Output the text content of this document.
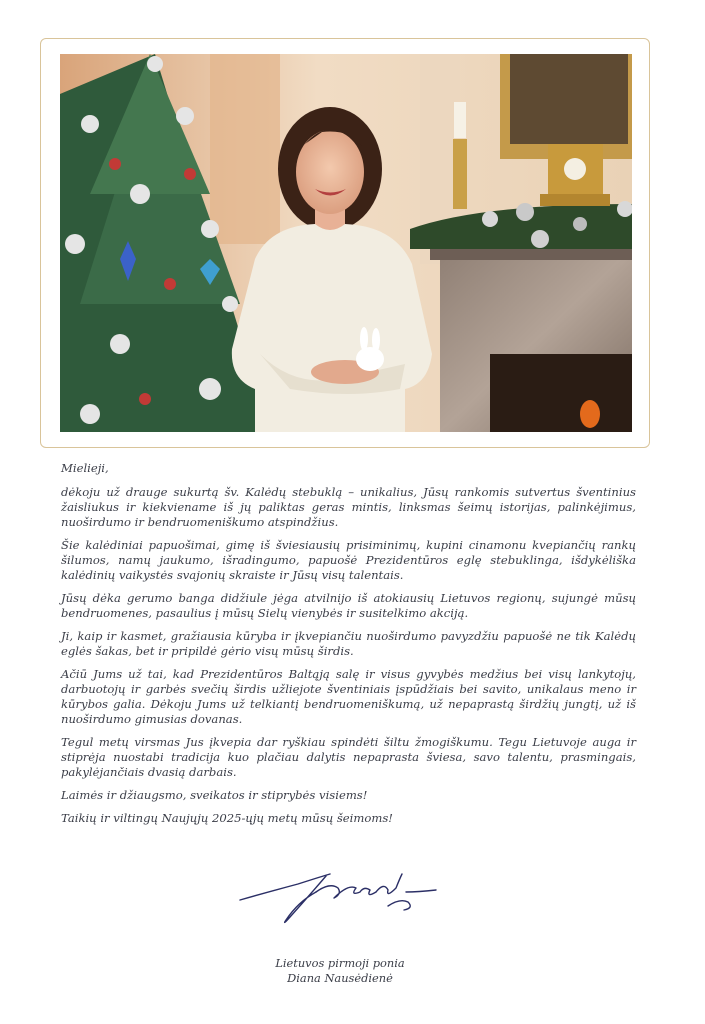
Mielieji,

dėkoju už drauge sukurtą šv. Kalėdų stebuklą – unikalius, Jūsų rankomis sutvertus šventinius žaisliukus ir kiekviename iš jų paliktas geras mintis, linksmas šeimų istorijas, palinkėjimus, nuoširdumo ir bendruomeniškumo atspindžius.

Šie kalėdiniai papuošimai, gimę iš šviesiausių prisiminimų, kupini cinamonu kvepiančių rankų šilumos, namų jaukumo, išradingumo, papuošė Prezidentūros eglę stebuklinga, išdykėliška kalėdinių vaikystės svajonių skraiste ir Jūsų visų talentais.

Jūsų dėka gerumo banga didžiule jėga atvilnijo iš atokiausių Lietuvos regionų, sujungė mūsų bendruomenes, pasaulius į mūsų Sielų vienybės ir susitelkimo akciją.

Ji, kaip ir kasmet, gražiausia kūryba ir įkvepiančiu nuoširdumo pavyzdžiu papuošė ne tik Kalėdų eglės šakas, bet ir pripildė gėrio visų mūsų širdis.

Ačiū Jums už tai, kad Prezidentūros Baltąją salę ir visus gyvybės medžius bei visų lankytojų, darbuotojų ir garbės svečių širdis užliejote šventiniais įspūdžiais bei savito, unikalaus meno ir kūrybos galia. Dėkoju Jums už telkiantį bendruomeniškumą, už nepaprastą širdžių jungtį, už iš nuoširdumo gimusias dovanas.

Tegul metų virsmas Jus įkvepia dar ryškiau spindėti šiltu žmogiškumu. Tegu Lietuvoje auga ir stiprėja nuostabi tradicija kuo plačiau dalytis nepaprasta šviesa, savo talentu, prasmingais, pakylėjančiais dvasią darbais.

Laimės ir džiaugsmo, sveikatos ir stiprybės visiems!

Taikių ir viltingų Naujųjų 2025-ųjų metų mūsų šeimoms!

Lietuvos pirmoji ponia
Diana Nausėdienė
